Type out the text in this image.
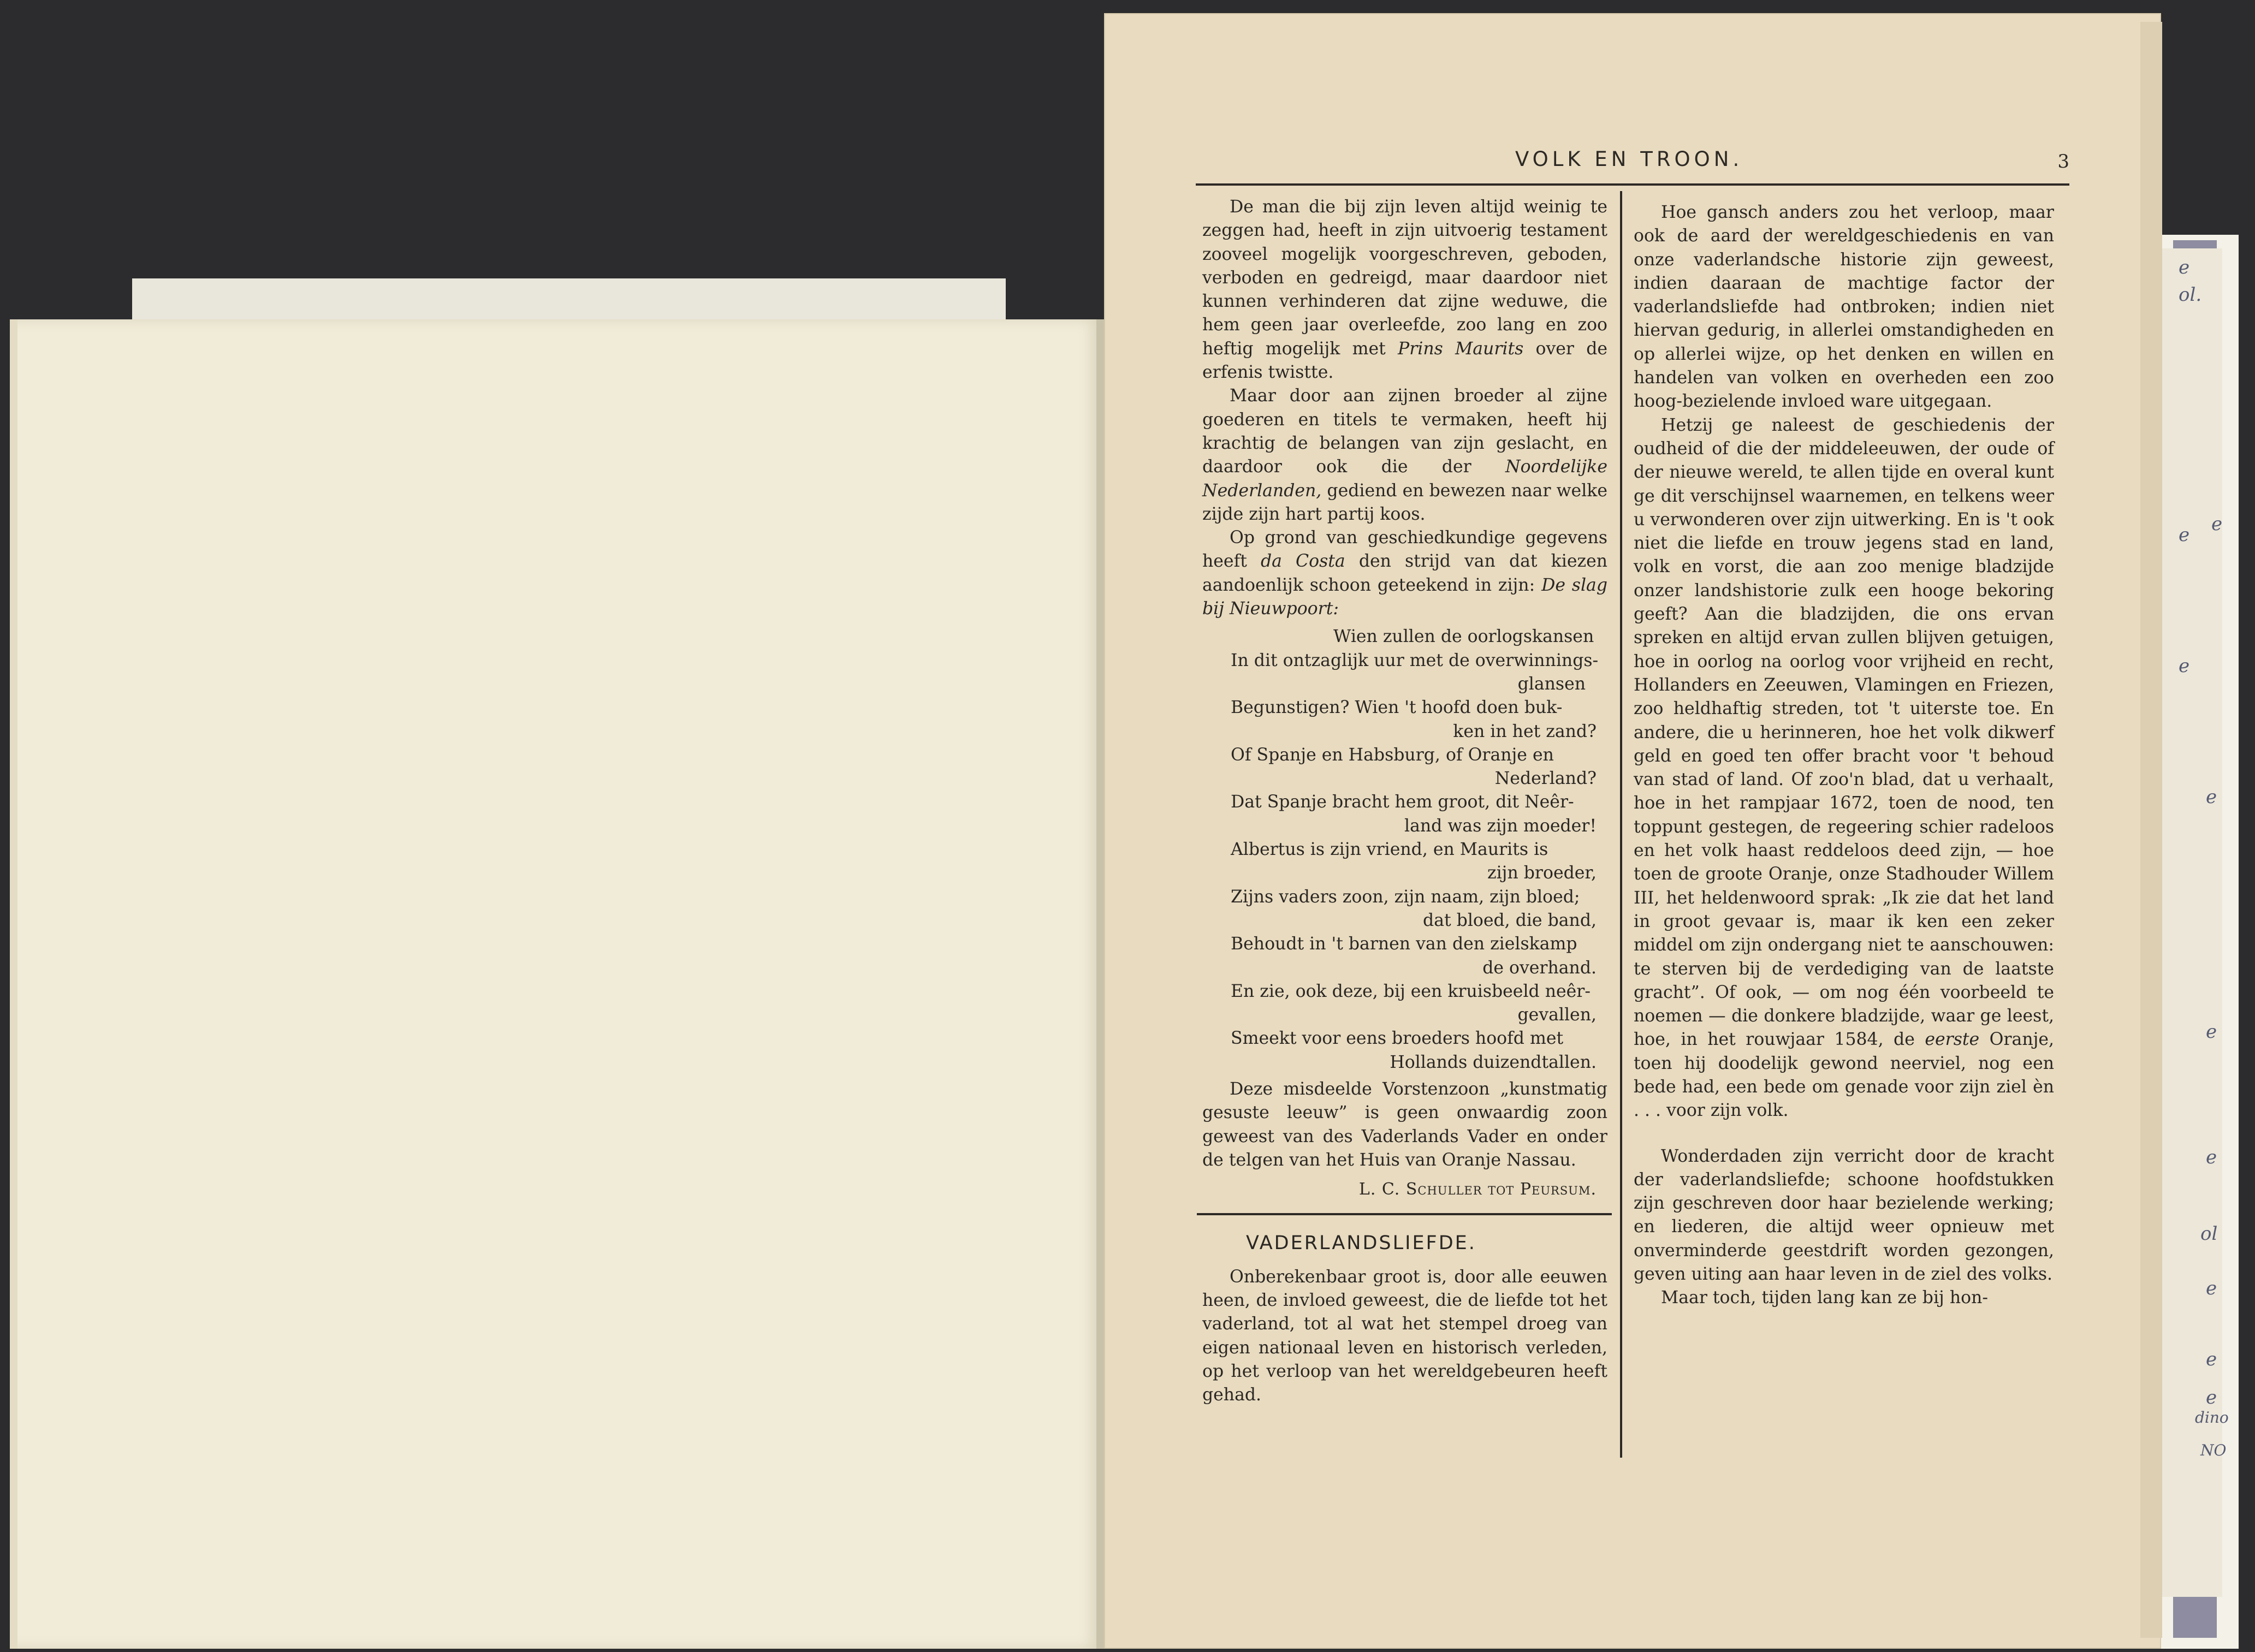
e
ol.
e
e
e
e
e
e
ol
e
e
e
dino
NO
VOLK EN TROON.	3

De man die bij zijn leven altijd weinig te zeggen had, heeft in zijn uitvoerig testament zooveel mogelijk voorgeschreven, geboden, verboden en gedreigd, maar daardoor niet kunnen verhinderen dat zijne weduwe, die hem geen jaar overleefde, zoo lang en zoo heftig mogelijk met Prins Maurits over de erfenis twistte.

Maar door aan zijnen broeder al zijne goederen en titels te vermaken, heeft hij krachtig de belangen van zijn geslacht, en daardoor ook die der Noordelijke Nederlanden, gediend en bewezen naar welke zijde zijn hart partij koos.

Op grond van geschiedkundige gegevens heeft da Costa den strijd van dat kiezen aandoenlijk schoon geteekend in zijn: De slag bij Nieuwpoort:

Wien zullen de oorlogskansen
In dit ontzaglijk uur met de overwinnings-
glansen
Begunstigen? Wien 't hoofd doen buk-
ken in het zand?
Of Spanje en Habsburg, of Oranje en
Nederland?
Dat Spanje bracht hem groot, dit Neêr-
land was zijn moeder!
Albertus is zijn vriend, en Maurits is
zijn broeder,
Zijns vaders zoon, zijn naam, zijn bloed;
dat bloed, die band,
Behoudt in 't barnen van den zielskamp
de overhand.
En zie, ook deze, bij een kruisbeeld neêr-
gevallen,
Smeekt voor eens broeders hoofd met
Hollands duizendtallen.

Deze misdeelde Vorstenzoon „kunstmatig gesuste leeuw” is geen onwaardig zoon geweest van des Vaderlands Vader en onder de telgen van het Huis van Oranje Nassau.

L. C. Schuller tot Peursum.
VADERLANDSLIEFDE.

Onberekenbaar groot is, door alle eeuwen heen, de invloed geweest, die de liefde tot het vaderland, tot al wat het stempel droeg van eigen nationaal leven en historisch verleden, op het verloop van het wereldgebeuren heeft gehad.

Hoe gansch anders zou het verloop, maar ook de aard der wereldgeschiedenis en van onze vaderlandsche historie zijn geweest, indien daaraan de machtige factor der vaderlandsliefde had ontbroken; indien niet hiervan gedurig, in allerlei omstandigheden en op allerlei wijze, op het denken en willen en handelen van volken en overheden een zoo hoog-bezielende invloed ware uitgegaan.

Hetzij ge naleest de geschiedenis der oudheid of die der middeleeuwen, der oude of der nieuwe wereld, te allen tijde en overal kunt ge dit verschijnsel waarnemen, en telkens weer u verwonderen over zijn uitwerking. En is 't ook niet die liefde en trouw jegens stad en land, volk en vorst, die aan zoo menige bladzijde onzer landshistorie zulk een hooge bekoring geeft? Aan die bladzijden, die ons ervan spreken en altijd ervan zullen blijven getuigen, hoe in oorlog na oorlog voor vrijheid en recht, Hollanders en Zeeuwen, Vlamingen en Friezen, zoo heldhaftig streden, tot 't uiterste toe. En andere, die u herinneren, hoe het volk dikwerf geld en goed ten offer bracht voor 't behoud van stad of land. Of zoo'n blad, dat u verhaalt, hoe in het rampjaar 1672, toen de nood, ten toppunt gestegen, de regeering schier radeloos en het volk haast reddeloos deed zijn, — hoe toen de groote Oranje, onze Stadhouder Willem III, het heldenwoord sprak: „Ik zie dat het land in groot gevaar is, maar ik ken een zeker middel om zijn ondergang niet te aanschouwen: te sterven bij de verdediging van de laatste gracht”. Of ook, — om nog één voorbeeld te noemen — die donkere bladzijde, waar ge leest, hoe, in het rouwjaar 1584, de eerste Oranje, toen hij doodelijk gewond neerviel, nog een bede had, een bede om genade voor zijn ziel èn . . . voor zijn volk.

Wonderdaden zijn verricht door de kracht der vaderlandsliefde; schoone hoofdstukken zijn geschreven door haar bezielende werking; en liederen, die altijd weer opnieuw met onverminderde geestdrift worden gezongen, geven uiting aan haar leven in de ziel des volks.

Maar toch, tijden lang kan ze bij hon-
